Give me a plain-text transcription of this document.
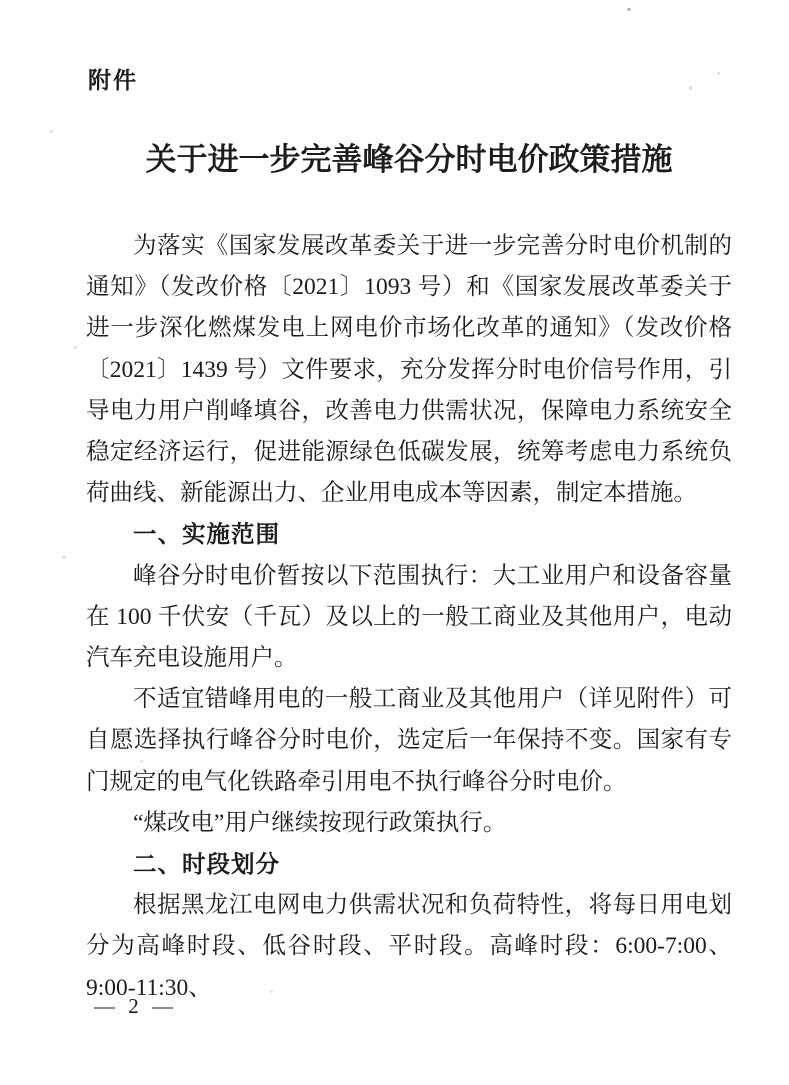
附件
关于进一步完善峰谷分时电价政策措施

为落实《国家发展改革委关于进一步完善分时电价机制的通知》（发改价格〔2021〕1093 号）和《国家发展改革委关于进一步深化燃煤发电上网电价市场化改革的通知》（发改价格〔2021〕1439 号）文件要求，充分发挥分时电价信号作用，引导电力用户削峰填谷，改善电力供需状况，保障电力系统安全稳定经济运行，促进能源绿色低碳发展，统筹考虑电力系统负荷曲线、新能源出力、企业用电成本等因素，制定本措施。

一、实施范围

峰谷分时电价暂按以下范围执行：大工业用户和设备容量在 100 千伏安（千瓦）及以上的一般工商业及其他用户，电动汽车充电设施用户。

不适宜错峰用电的一般工商业及其他用户（详见附件）可自愿选择执行峰谷分时电价，选定后一年保持不变。国家有专门规定的电气化铁路牵引用电不执行峰谷分时电价。

“煤改电”用户继续按现行政策执行。

二、时段划分

根据黑龙江电网电力供需状况和负荷特性，将每日用电划分为高峰时段、低谷时段、平时段。高峰时段：6:00-7:00、9:00-11:30、

— 2 —
